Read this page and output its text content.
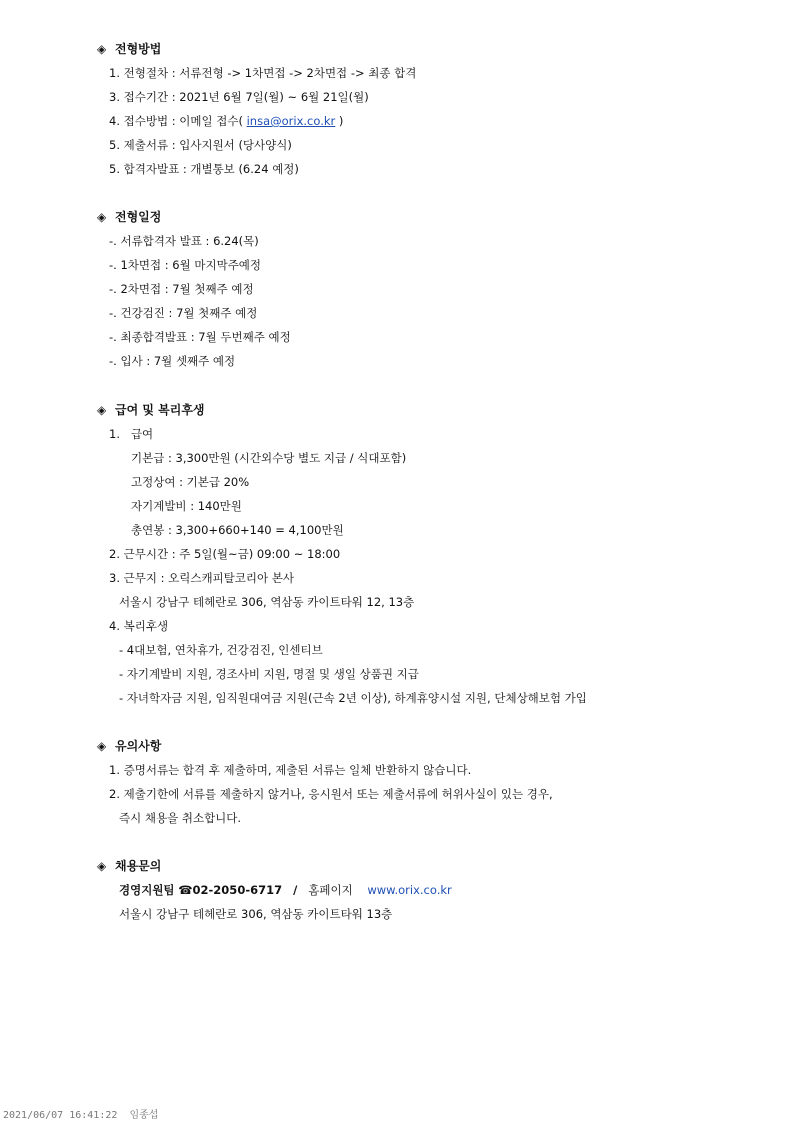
◈ 전형방법
1. 전형절차 : 서류전형 -> 1차면접 -> 2차면접 -> 최종 합격
3. 접수기간 : 2021년 6월 7일(월) ~ 6월 21일(월)
4. 접수방법 : 이메일 접수( insa@orix.co.kr )
5. 제출서류 : 입사지원서 (당사양식)
5. 합격자발표 : 개별통보 (6.24 예정)
◈ 전형일정
-. 서류합격자 발표 : 6.24(목)
-. 1차면접 : 6월 마지막주예정
-. 2차면접 : 7월 첫째주 예정
-. 건강검진 : 7월 첫째주 예정
-. 최종합격발표 : 7월 두번째주 예정
-. 입사 : 7월 셋째주 예정
◈ 급여 및 복리후생
1.   급여
기본급 : 3,300만원 (시간외수당 별도 지급 / 식대포함)
고정상여 : 기본급 20%
자기계발비 : 140만원
총연봉 : 3,300+660+140 = 4,100만원
2. 근무시간 : 주 5일(월~금) 09:00 ~ 18:00
3. 근무지 : 오릭스캐피탈코리아 본사
서울시 강남구 테헤란로 306, 역삼동 카이트타워 12, 13층
4. 복리후생
- 4대보험, 연차휴가, 건강검진, 인센티브
- 자기계발비 지원, 경조사비 지원, 명절 및 생일 상품권 지급
- 자녀학자금 지원, 임직원대여금 지원(근속 2년 이상), 하계휴양시설 지원, 단체상해보험 가입
◈ 유의사항
1. 증명서류는 합격 후 제출하며, 제출된 서류는 일체 반환하지 않습니다.
2. 제출기한에 서류를 제출하지 않거나, 응시원서 또는 제출서류에 허위사실이 있는 경우,
즉시 채용을 취소합니다.
◈ 채용문의
경영지원팀 ☎02-2050-6717 / 홈페이지 www.orix.co.kr
서울시 강남구 테헤란로 306, 역삼동 카이트타워 13층
2021/06/07 16:41:22 임종섭
